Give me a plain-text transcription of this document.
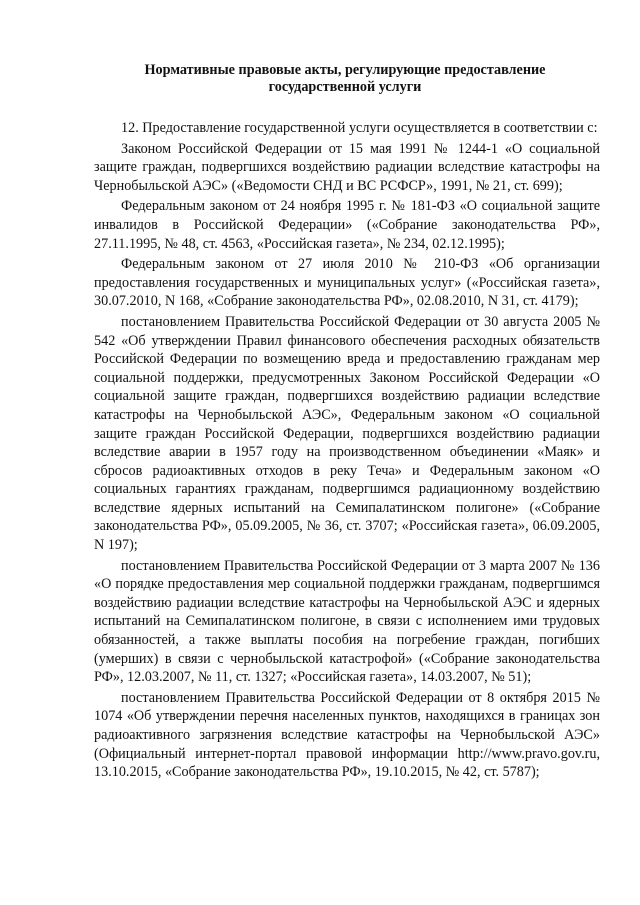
Нормативные правовые акты, регулирующие предоставление
государственной услуги

12. Предоставление государственной услуги осуществляется в соответствии с:

Законом Российской Федерации от 15 мая 1991 № 1244-1 «О социальной защите граждан, подвергшихся воздействию радиации вследствие катастрофы на Чернобыльской АЭС» («Ведомости СНД и ВС РСФСР», 1991, № 21, ст. 699);

Федеральным законом от 24 ноября 1995 г. № 181-ФЗ «О социальной защите инвалидов в Российской Федерации» («Собрание законодательства РФ», 27.11.1995, № 48, ст. 4563, «Российская газета», № 234, 02.12.1995);

Федеральным законом от 27 июля 2010 № 210-ФЗ «Об организации предоставления государственных и муниципальных услуг» («Российская газета», 30.07.2010, N 168, «Собрание законодательства РФ», 02.08.2010, N 31, ст. 4179);

постановлением Правительства Российской Федерации от 30 августа 2005 № 542 «Об утверждении Правил финансового обеспечения расходных обязательств Российской Федерации по возмещению вреда и предоставлению гражданам мер социальной поддержки, предусмотренных Законом Российской Федерации «О социальной защите граждан, подвергшихся воздействию радиации вследствие катастрофы на Чернобыльской АЭС», Федеральным законом «О социальной защите граждан Российской Федерации, подвергшихся воздействию радиации вследствие аварии в 1957 году на производственном объединении «Маяк» и сбросов радиоактивных отходов в реку Теча» и Федеральным законом «О социальных гарантиях гражданам, подвергшимся радиационному воздействию вследствие ядерных испытаний на Семипалатинском полигоне» («Собрание законодательства РФ», 05.09.2005, № 36, ст. 3707; «Российская газета», 06.09.2005, N 197);

постановлением Правительства Российской Федерации от 3 марта 2007 № 136 «О порядке предоставления мер социальной поддержки гражданам, подвергшимся воздействию радиации вследствие катастрофы на Чернобыльской АЭС и ядерных испытаний на Семипалатинском полигоне, в связи с исполнением ими трудовых обязанностей, а также выплаты пособия на погребение граждан, погибших (умерших) в связи с чернобыльской катастрофой» («Собрание законодательства РФ», 12.03.2007, № 11, ст. 1327; «Российская газета», 14.03.2007, № 51);

постановлением Правительства Российской Федерации от 8 октября 2015 № 1074 «Об утверждении перечня населенных пунктов, находящихся в границах зон радиоактивного загрязнения вследствие катастрофы на Чернобыльской АЭС» (Официальный интернет-портал правовой информации http://www.pravo.gov.ru, 13.10.2015, «Собрание законодательства РФ», 19.10.2015, № 42, ст. 5787);
